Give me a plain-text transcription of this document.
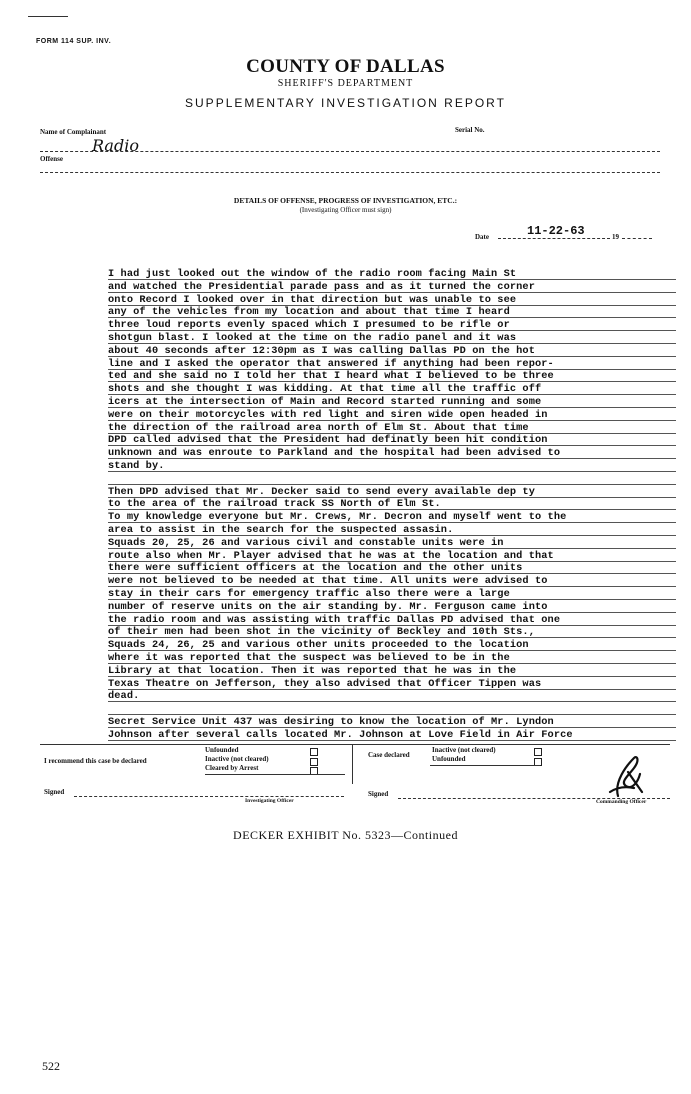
FORM 114 SUP. INV.
COUNTY OF DALLAS
SHERIFF'S DEPARTMENT
SUPPLEMENTARY INVESTIGATION REPORT
Name of Complainant	Serial No.
Radio
Offense
DETAILS OF OFFENSE, PROGRESS OF INVESTIGATION, ETC.:
(Investigating Officer must sign)
Date	11-22-63	19
I had just looked out the window of the radio room facing Main St
and watched the Presidential parade pass and as it turned the corner
onto Record I looked over in that direction but was unable to see
any of the vehicles from my location and about that time I heard
three loud reports evenly spaced which I presumed to be rifle or
shotgun blast. I looked at the time on the radio panel and it was
about 40 seconds after 12:30pm as I was calling Dallas PD on the hot
line and I asked the operator that answered if anything had been repor-
ted and she said no I told her that I heard what I believed to be three
shots and she thought I was kidding. At that time all the traffic off
icers at the intersection of Main and Record started running and some
were on their motorcycles with red light and siren wide open headed in
the direction of the railroad area north of Elm St. About that time
DPD called advised that the President had definatly been hit condition
unknown and was enroute to Parkland and the hospital had been advised to
stand by.
Then DPD advised that Mr. Decker said to send every available dep ty
to the area of the railroad track SS North of Elm St.
To my knowledge everyone but Mr. Crews, Mr. Decron and myself went to the
area to assist in the search for the suspected assasin.
Squads 20, 25, 26 and various civil and constable units were in
route also when Mr. Player advised that he was at the location and that
there were sufficient officers at the location and the other units
were not believed to be needed at that time. All units were advised to
stay in their cars for emergency traffic also there were a large
number of reserve units on the air standing by. Mr. Ferguson came into
the radio room and was assisting with traffic Dallas PD advised that one
of their men had been shot in the vicinity of Beckley and 10th Sts.,
Squads 24, 26, 25 and various other units proceeded to the location
where it was reported that the suspect was believed to be in the
Library at that location. Then it was reported that he was in the
Texas Theatre on Jefferson, they also advised that Officer Tippen was
dead.
Secret Service Unit 437 was desiring to know the location of Mr. Lyndon
Johnson after several calls located Mr. Johnson at Love Field in Air Force
I recommend this case be declared
Unfounded
Inactive (not cleared)
Cleared by Arrest
Case declared
Inactive (not cleared)
Unfounded
Signed
Investigating Officer
Signed
Commanding Officer
DECKER EXHIBIT No. 5323—Continued
522
